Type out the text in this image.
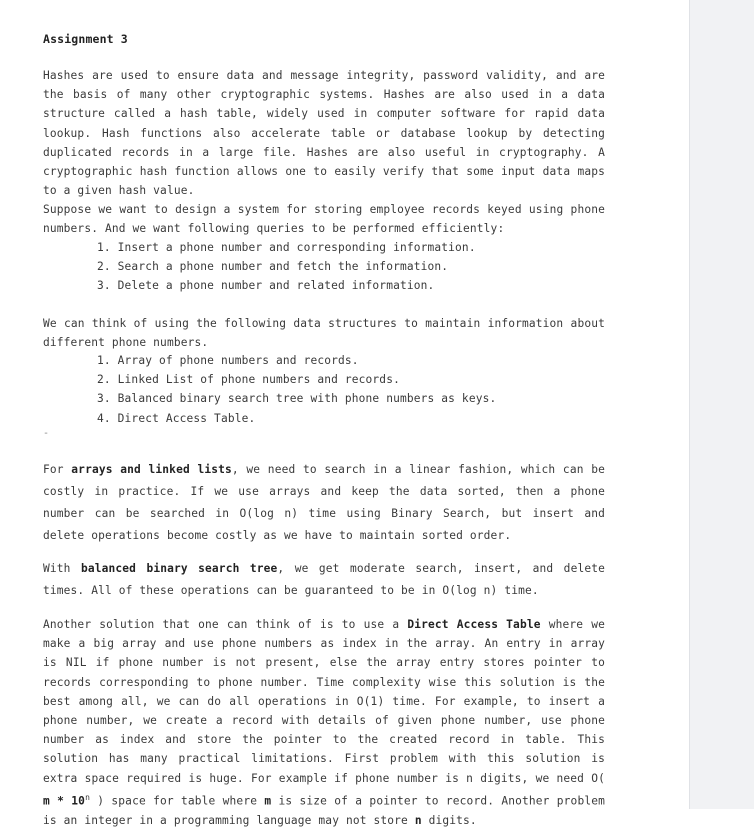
Assignment 3

Hashes are used to ensure data and message integrity, password validity, and are the basis of many other cryptographic systems. Hashes are also used in a data structure called a hash table, widely used in computer software for rapid data lookup. Hash functions also accelerate table or database lookup by detecting duplicated records in a large file. Hashes are also useful in cryptography. A cryptographic hash function allows one to easily verify that some input data maps to a given hash value.

Suppose we want to design a system for storing employee records keyed using phone numbers. And we want following queries to be performed efficiently:

1. Insert a phone number and corresponding information.
2. Search a phone number and fetch the information.
3. Delete a phone number and related information.

We can think of using the following data structures to maintain information about different phone numbers.

1. Array of phone numbers and records.
2. Linked List of phone numbers and records.
3. Balanced binary search tree with phone numbers as keys.
4. Direct Access Table.
-

For arrays and linked lists, we need to search in a linear fashion, which can be costly in practice. If we use arrays and keep the data sorted, then a phone number can be searched in O(log n) time using Binary Search, but insert and delete operations become costly as we have to maintain sorted order.

With balanced binary search tree, we get moderate search, insert, and delete times. All of these operations can be guaranteed to be in O(log n) time.

Another solution that one can think of is to use a Direct Access Table where we make a big array and use phone numbers as index in the array. An entry in array is NIL if phone number is not present, else the array entry stores pointer to records corresponding to phone number. Time complexity wise this solution is the best among all, we can do all operations in O(1) time. For example, to insert a phone number, we create a record with details of given phone number, use phone number as index and store the pointer to the created record in table. This solution has many practical limitations. First problem with this solution is extra space required is huge. For example if phone number is n digits, we need O( m * 10$^n$ ) space for table where m is size of a pointer to record. Another problem is an integer in a programming language may not store n digits.
